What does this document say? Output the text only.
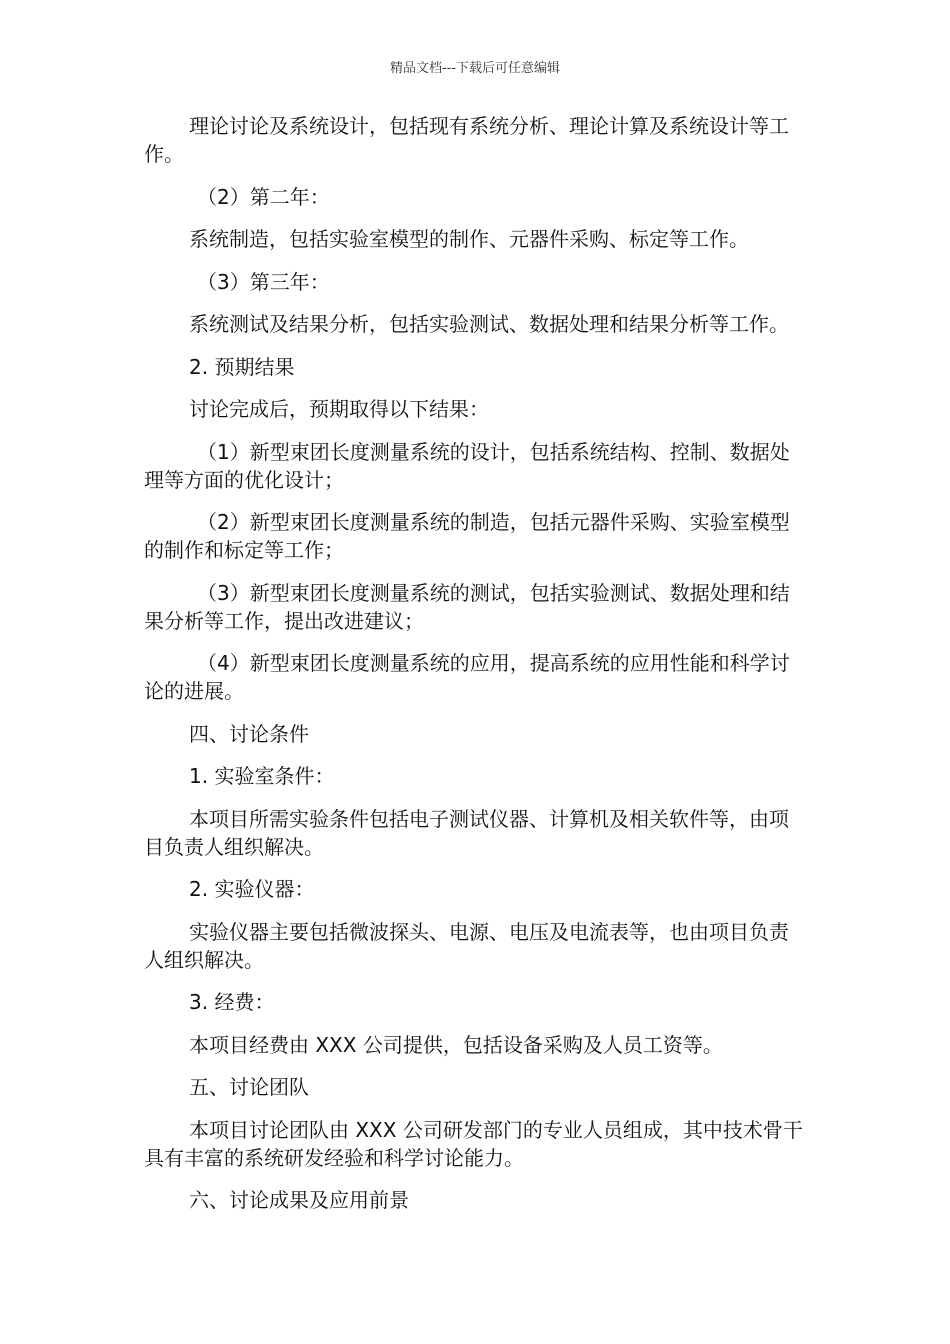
精品文档---下载后可任意编辑

理论讨论及系统设计，包括现有系统分析、理论计算及系统设计等工作。

（2）第二年：

系统制造，包括实验室模型的制作、元器件采购、标定等工作。

（3）第三年：

系统测试及结果分析，包括实验测试、数据处理和结果分析等工作。

2. 预期结果

讨论完成后，预期取得以下结果：

（1）新型束团长度测量系统的设计，包括系统结构、控制、数据处理等方面的优化设计；

（2）新型束团长度测量系统的制造，包括元器件采购、实验室模型的制作和标定等工作；

（3）新型束团长度测量系统的测试，包括实验测试、数据处理和结果分析等工作，提出改进建议；

（4）新型束团长度测量系统的应用，提高系统的应用性能和科学讨论的进展。

四、讨论条件

1. 实验室条件：

本项目所需实验条件包括电子测试仪器、计算机及相关软件等，由项目负责人组织解决。

2. 实验仪器：

实验仪器主要包括微波探头、电源、电压及电流表等，也由项目负责人组织解决。

3. 经费：

本项目经费由 XXX 公司提供，包括设备采购及人员工资等。

五、讨论团队

本项目讨论团队由 XXX 公司研发部门的专业人员组成，其中技术骨干具有丰富的系统研发经验和科学讨论能力。

六、讨论成果及应用前景
